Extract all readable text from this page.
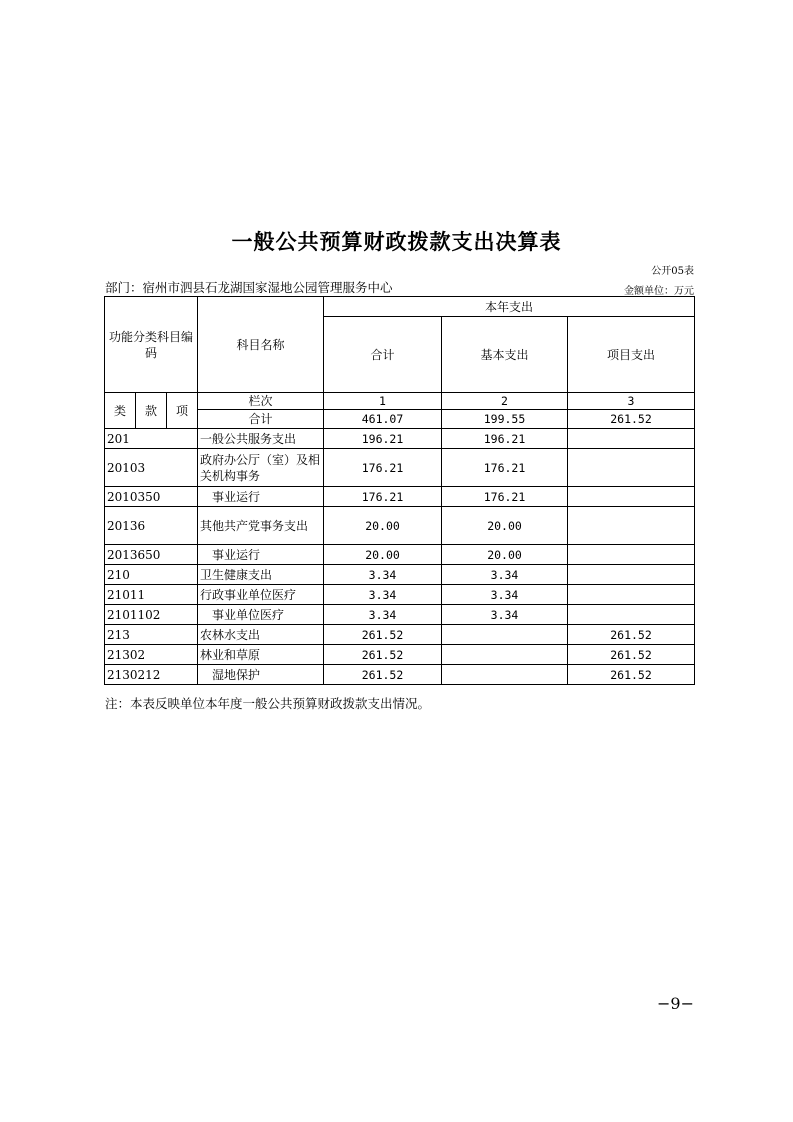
一般公共预算财政拨款支出决算表
公开05表
部门：宿州市泗县石龙湖国家湿地公园管理服务中心	金额单位：万元
功能分类科目编码			科目名称	本年支出		
				合计	基本支出	项目支出
类	款	项	栏次	1	2	3
			合计	461.07	199.55	261.52
201			一般公共服务支出	196.21	196.21	
20103			政府办公厅（室）及相关机构事务	176.21	176.21	
2010350			事业运行	176.21	176.21	
20136			其他共产党事务支出	20.00	20.00	
2013650			事业运行	20.00	20.00	
210			卫生健康支出	3.34	3.34	
21011			行政事业单位医疗	3.34	3.34	
2101102			事业单位医疗	3.34	3.34	
213			农林水支出	261.52		261.52
21302			林业和草原	261.52		261.52
2130212			湿地保护	261.52		261.52
注：本表反映单位本年度一般公共预算财政拨款支出情况。
−9−
